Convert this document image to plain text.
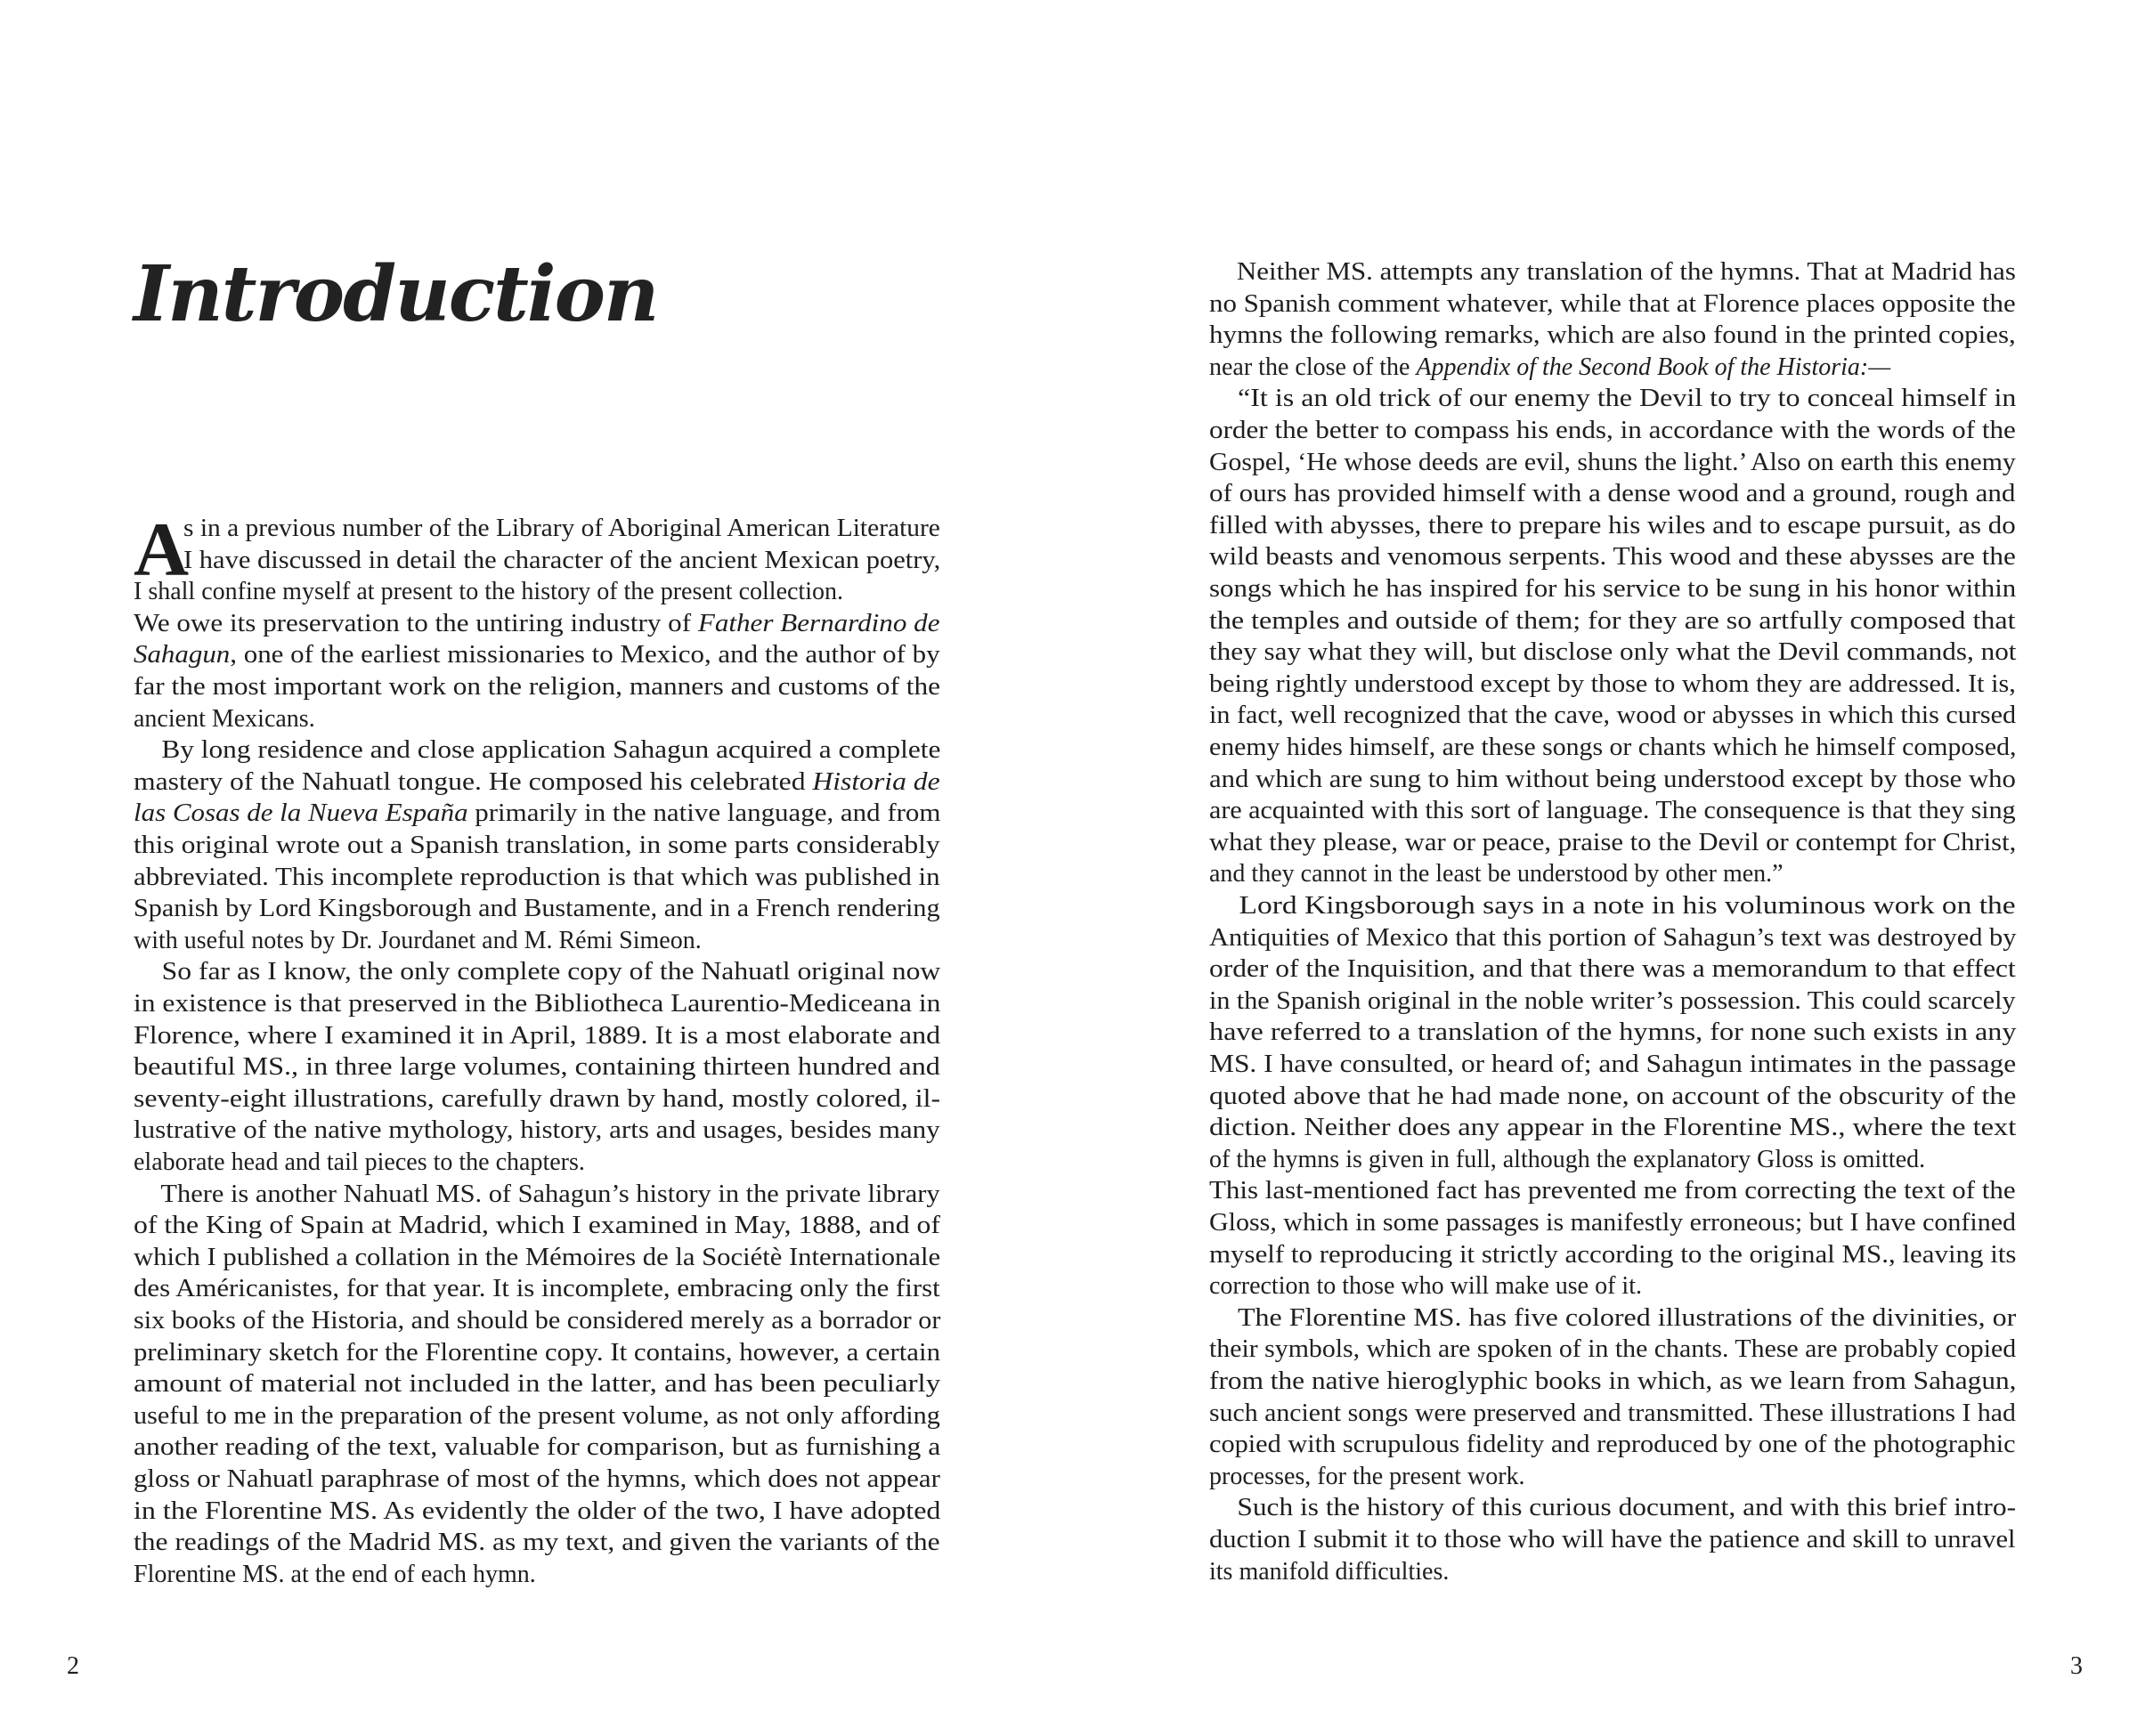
Introduction
A
s in a previous number of the Library of Aboriginal American Literature
I have discussed in detail the character of the ancient Mexican poetry,
I shall confine myself at present to the history of the present collection.
We owe its preservation to the untiring industry of Father Bernardino de
Sahagun, one of the earliest missionaries to Mexico, and the author of by
far the most important work on the religion, manners and customs of the
ancient Mexicans.
 By long residence and close application Sahagun acquired a complete
mastery of the Nahuatl tongue. He composed his celebrated Historia de
las Cosas de la Nueva España primarily in the native language, and from
this original wrote out a Spanish translation, in some parts considerably
abbreviated. This incomplete reproduction is that which was published in
Spanish by Lord Kingsborough and Bustamente, and in a French rendering
with useful notes by Dr. Jourdanet and M. Rémi Simeon.
 So far as I know, the only complete copy of the Nahuatl original now
in existence is that preserved in the Bibliotheca Laurentio-Mediceana in
Florence, where I examined it in April, 1889. It is a most elaborate and
beautiful MS., in three large volumes, containing thirteen hundred and
seventy-eight illustrations, carefully drawn by hand, mostly colored, il-
lustrative of the native mythology, history, arts and usages, besides many
elaborate head and tail pieces to the chapters.
 There is another Nahuatl MS. of Sahagun’s history in the private library
of the King of Spain at Madrid, which I examined in May, 1888, and of
which I published a collation in the Mémoires de la Sociétè Internationale
des Américanistes, for that year. It is incomplete, embracing only the first
six books of the Historia, and should be considered merely as a borrador or
preliminary sketch for the Florentine copy. It contains, however, a certain
amount of material not included in the latter, and has been peculiarly
useful to me in the preparation of the present volume, as not only affording
another reading of the text, valuable for comparison, but as furnishing a
gloss or Nahuatl paraphrase of most of the hymns, which does not appear
in the Florentine MS. As evidently the older of the two, I have adopted
the readings of the Madrid MS. as my text, and given the variants of the
Florentine MS. at the end of each hymn.
2
 Neither MS. attempts any translation of the hymns. That at Madrid has
no Spanish comment whatever, while that at Florence places opposite the
hymns the following remarks, which are also found in the printed copies,
near the close of the Appendix of the Second Book of the Historia:—
 “It is an old trick of our enemy the Devil to try to conceal himself in
order the better to compass his ends, in accordance with the words of the
Gospel, ‘He whose deeds are evil, shuns the light.’ Also on earth this enemy
of ours has provided himself with a dense wood and a ground, rough and
filled with abysses, there to prepare his wiles and to escape pursuit, as do
wild beasts and venomous serpents. This wood and these abysses are the
songs which he has inspired for his service to be sung in his honor within
the temples and outside of them; for they are so artfully composed that
they say what they will, but disclose only what the Devil commands, not
being rightly understood except by those to whom they are addressed. It is,
in fact, well recognized that the cave, wood or abysses in which this cursed
enemy hides himself, are these songs or chants which he himself composed,
and which are sung to him without being understood except by those who
are acquainted with this sort of language. The consequence is that they sing
what they please, war or peace, praise to the Devil or contempt for Christ,
and they cannot in the least be understood by other men.”
 Lord Kingsborough says in a note in his voluminous work on the
Antiquities of Mexico that this portion of Sahagun’s text was destroyed by
order of the Inquisition, and that there was a memorandum to that effect
in the Spanish original in the noble writer’s possession. This could scarcely
have referred to a translation of the hymns, for none such exists in any
MS. I have consulted, or heard of; and Sahagun intimates in the passage
quoted above that he had made none, on account of the obscurity of the
diction. Neither does any appear in the Florentine MS., where the text
of the hymns is given in full, although the explanatory Gloss is omitted.
This last-mentioned fact has prevented me from correcting the text of the
Gloss, which in some passages is manifestly erroneous; but I have confined
myself to reproducing it strictly according to the original MS., leaving its
correction to those who will make use of it.
 The Florentine MS. has five colored illustrations of the divinities, or
their symbols, which are spoken of in the chants. These are probably copied
from the native hieroglyphic books in which, as we learn from Sahagun,
such ancient songs were preserved and transmitted. These illustrations I had
copied with scrupulous fidelity and reproduced by one of the photographic
processes, for the present work.
 Such is the history of this curious document, and with this brief intro-
duction I submit it to those who will have the patience and skill to unravel
its manifold difficulties.
3
